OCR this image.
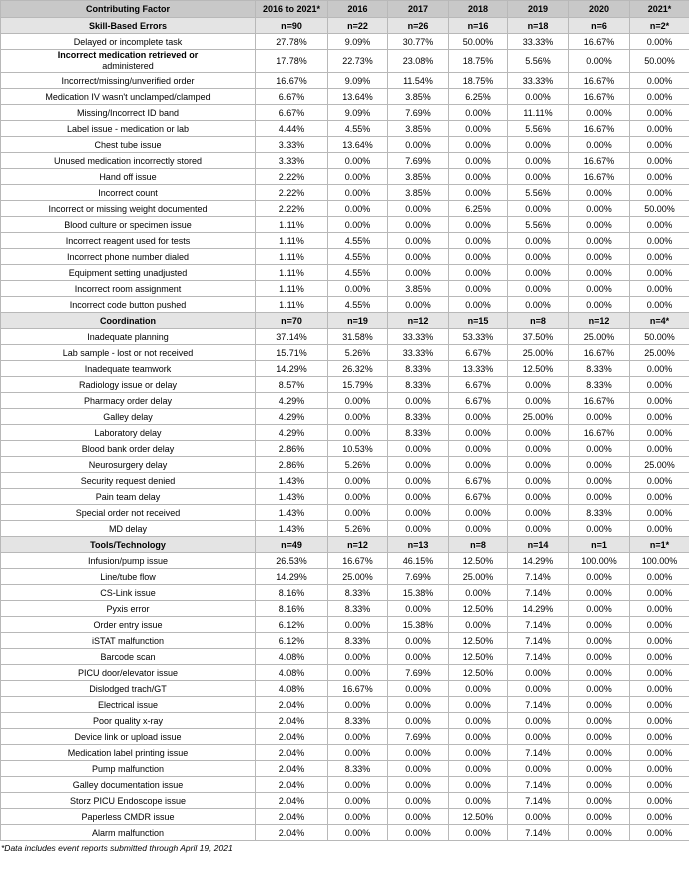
Contributing Factor	2016 to 2021*	2016	2017	2018	2019	2020	2021*
Skill-Based Errors	n=90	n=22	n=26	n=16	n=18	n=6	n=2*
Delayed or incomplete task	27.78%	9.09%	30.77%	50.00%	33.33%	16.67%	0.00%

Incorrect medication retrieved or
administered	17.78%	22.73%	23.08%	18.75%	5.56%	0.00%	50.00%
Incorrect/missing/unverified order	16.67%	9.09%	11.54%	18.75%	33.33%	16.67%	0.00%
Medication IV wasn't unclamped/clamped	6.67%	13.64%	3.85%	6.25%	0.00%	16.67%	0.00%
Missing/Incorrect ID band	6.67%	9.09%	7.69%	0.00%	11.11%	0.00%	0.00%
Label issue - medication or lab	4.44%	4.55%	3.85%	0.00%	5.56%	16.67%	0.00%
Chest tube issue	3.33%	13.64%	0.00%	0.00%	0.00%	0.00%	0.00%
Unused medication incorrectly stored	3.33%	0.00%	7.69%	0.00%	0.00%	16.67%	0.00%
Hand off issue	2.22%	0.00%	3.85%	0.00%	0.00%	16.67%	0.00%
Incorrect count	2.22%	0.00%	3.85%	0.00%	5.56%	0.00%	0.00%
Incorrect or missing weight documented	2.22%	0.00%	0.00%	6.25%	0.00%	0.00%	50.00%
Blood culture or specimen issue	1.11%	0.00%	0.00%	0.00%	5.56%	0.00%	0.00%
Incorrect reagent used for tests	1.11%	4.55%	0.00%	0.00%	0.00%	0.00%	0.00%
Incorrect phone number dialed	1.11%	4.55%	0.00%	0.00%	0.00%	0.00%	0.00%
Equipment setting unadjusted	1.11%	4.55%	0.00%	0.00%	0.00%	0.00%	0.00%
Incorrect room assignment	1.11%	0.00%	3.85%	0.00%	0.00%	0.00%	0.00%
Incorrect code button pushed	1.11%	4.55%	0.00%	0.00%	0.00%	0.00%	0.00%
Coordination	n=70	n=19	n=12	n=15	n=8	n=12	n=4*
Inadequate planning	37.14%	31.58%	33.33%	53.33%	37.50%	25.00%	50.00%
Lab sample - lost or not received	15.71%	5.26%	33.33%	6.67%	25.00%	16.67%	25.00%
Inadequate teamwork	14.29%	26.32%	8.33%	13.33%	12.50%	8.33%	0.00%
Radiology issue or delay	8.57%	15.79%	8.33%	6.67%	0.00%	8.33%	0.00%
Pharmacy order delay	4.29%	0.00%	0.00%	6.67%	0.00%	16.67%	0.00%
Galley delay	4.29%	0.00%	8.33%	0.00%	25.00%	0.00%	0.00%
Laboratory delay	4.29%	0.00%	8.33%	0.00%	0.00%	16.67%	0.00%
Blood bank order delay	2.86%	10.53%	0.00%	0.00%	0.00%	0.00%	0.00%
Neurosurgery delay	2.86%	5.26%	0.00%	0.00%	0.00%	0.00%	25.00%
Security request denied	1.43%	0.00%	0.00%	6.67%	0.00%	0.00%	0.00%
Pain team delay	1.43%	0.00%	0.00%	6.67%	0.00%	0.00%	0.00%
Special order not received	1.43%	0.00%	0.00%	0.00%	0.00%	8.33%	0.00%
MD delay	1.43%	5.26%	0.00%	0.00%	0.00%	0.00%	0.00%
Tools/Technology	n=49	n=12	n=13	n=8	n=14	n=1	n=1*
Infusion/pump issue	26.53%	16.67%	46.15%	12.50%	14.29%	100.00%	100.00%
Line/tube flow	14.29%	25.00%	7.69%	25.00%	7.14%	0.00%	0.00%
CS-Link issue	8.16%	8.33%	15.38%	0.00%	7.14%	0.00%	0.00%
Pyxis error	8.16%	8.33%	0.00%	12.50%	14.29%	0.00%	0.00%
Order entry issue	6.12%	0.00%	15.38%	0.00%	7.14%	0.00%	0.00%
iSTAT malfunction	6.12%	8.33%	0.00%	12.50%	7.14%	0.00%	0.00%
Barcode scan	4.08%	0.00%	0.00%	12.50%	7.14%	0.00%	0.00%
PICU door/elevator issue	4.08%	0.00%	7.69%	12.50%	0.00%	0.00%	0.00%
Dislodged trach/GT	4.08%	16.67%	0.00%	0.00%	0.00%	0.00%	0.00%
Electrical issue	2.04%	0.00%	0.00%	0.00%	7.14%	0.00%	0.00%
Poor quality x-ray	2.04%	8.33%	0.00%	0.00%	0.00%	0.00%	0.00%
Device link or upload issue	2.04%	0.00%	7.69%	0.00%	0.00%	0.00%	0.00%
Medication label printing issue	2.04%	0.00%	0.00%	0.00%	7.14%	0.00%	0.00%
Pump malfunction	2.04%	8.33%	0.00%	0.00%	0.00%	0.00%	0.00%
Galley documentation issue	2.04%	0.00%	0.00%	0.00%	7.14%	0.00%	0.00%
Storz PICU Endoscope issue	2.04%	0.00%	0.00%	0.00%	7.14%	0.00%	0.00%
Paperless CMDR issue	2.04%	0.00%	0.00%	12.50%	0.00%	0.00%	0.00%
Alarm malfunction	2.04%	0.00%	0.00%	0.00%	7.14%	0.00%	0.00%
*Data includes event reports submitted through April 19, 2021
